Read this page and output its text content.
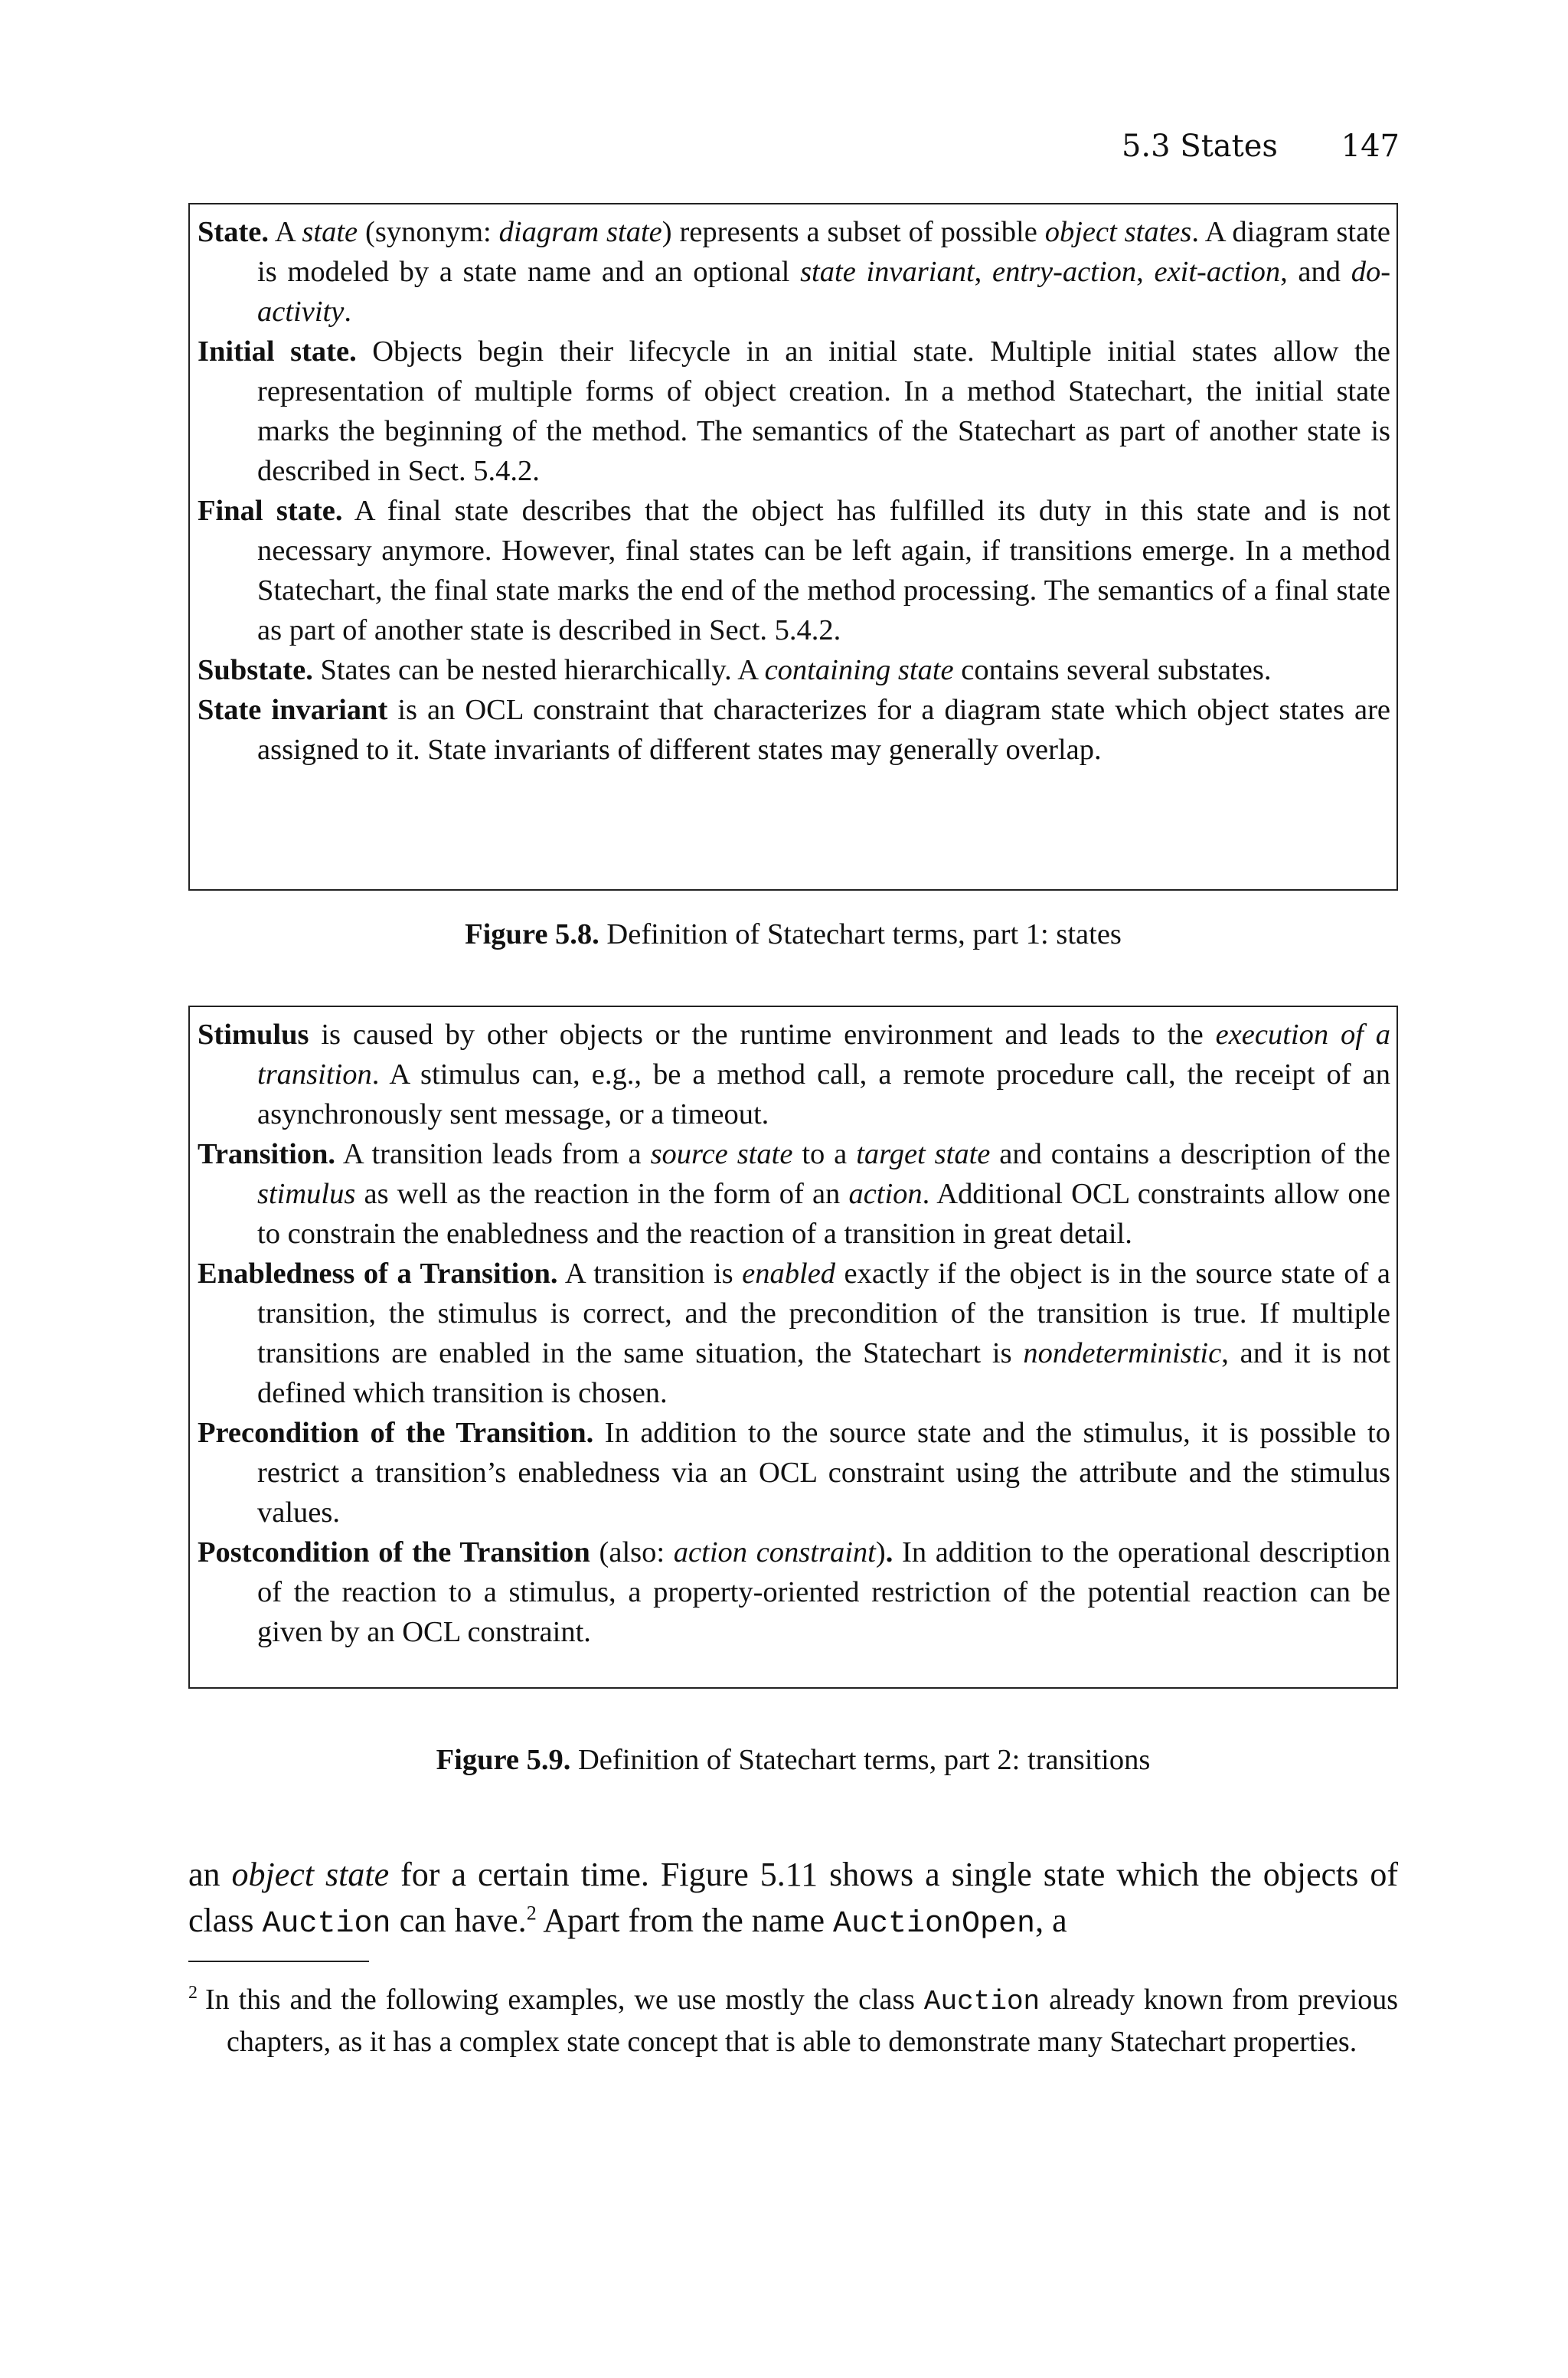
5.3 States 147

State. A state (synonym: diagram state) represents a subset of possible object states. A diagram state is modeled by a state name and an optional state invariant, entry-action, exit-action, and do-activity.

Initial state. Objects begin their lifecycle in an initial state. Multiple initial states allow the representation of multiple forms of object creation. In a method Statechart, the initial state marks the beginning of the method. The semantics of the Statechart as part of another state is described in Sect. 5.4.2.

Final state. A final state describes that the object has fulfilled its duty in this state and is not necessary anymore. However, final states can be left again, if transitions emerge. In a method Statechart, the final state marks the end of the method processing. The semantics of a final state as part of another state is described in Sect. 5.4.2.

Substate. States can be nested hierarchically. A containing state contains several substates.

State invariant is an OCL constraint that characterizes for a diagram state which object states are assigned to it. State invariants of different states may generally overlap.

Figure 5.8. Definition of Statechart terms, part 1: states

Stimulus is caused by other objects or the runtime environment and leads to the execution of a transition. A stimulus can, e.g., be a method call, a remote procedure call, the receipt of an asynchronously sent message, or a timeout.

Transition. A transition leads from a source state to a target state and contains a description of the stimulus as well as the reaction in the form of an action. Additional OCL constraints allow one to constrain the enabledness and the reaction of a transition in great detail.

Enabledness of a Transition. A transition is enabled exactly if the object is in the source state of a transition, the stimulus is correct, and the precondition of the transition is true. If multiple transitions are enabled in the same situation, the Statechart is nondeterministic, and it is not defined which transition is chosen.

Precondition of the Transition. In addition to the source state and the stimulus, it is possible to restrict a transition’s enabledness via an OCL constraint using the attribute and the stimulus values.

Postcondition of the Transition (also: action constraint). In addition to the operational description of the reaction to a stimulus, a property-oriented restriction of the potential reaction can be given by an OCL constraint.

Figure 5.9. Definition of Statechart terms, part 2: transitions

an object state for a certain time. Figure 5.11 shows a single state which the objects of class Auction can have.$^2$ Apart from the name AuctionOpen, a

$^2$ In this and the following examples, we use mostly the class Auction already known from previous chapters, as it has a complex state concept that is able to demonstrate many Statechart properties.
